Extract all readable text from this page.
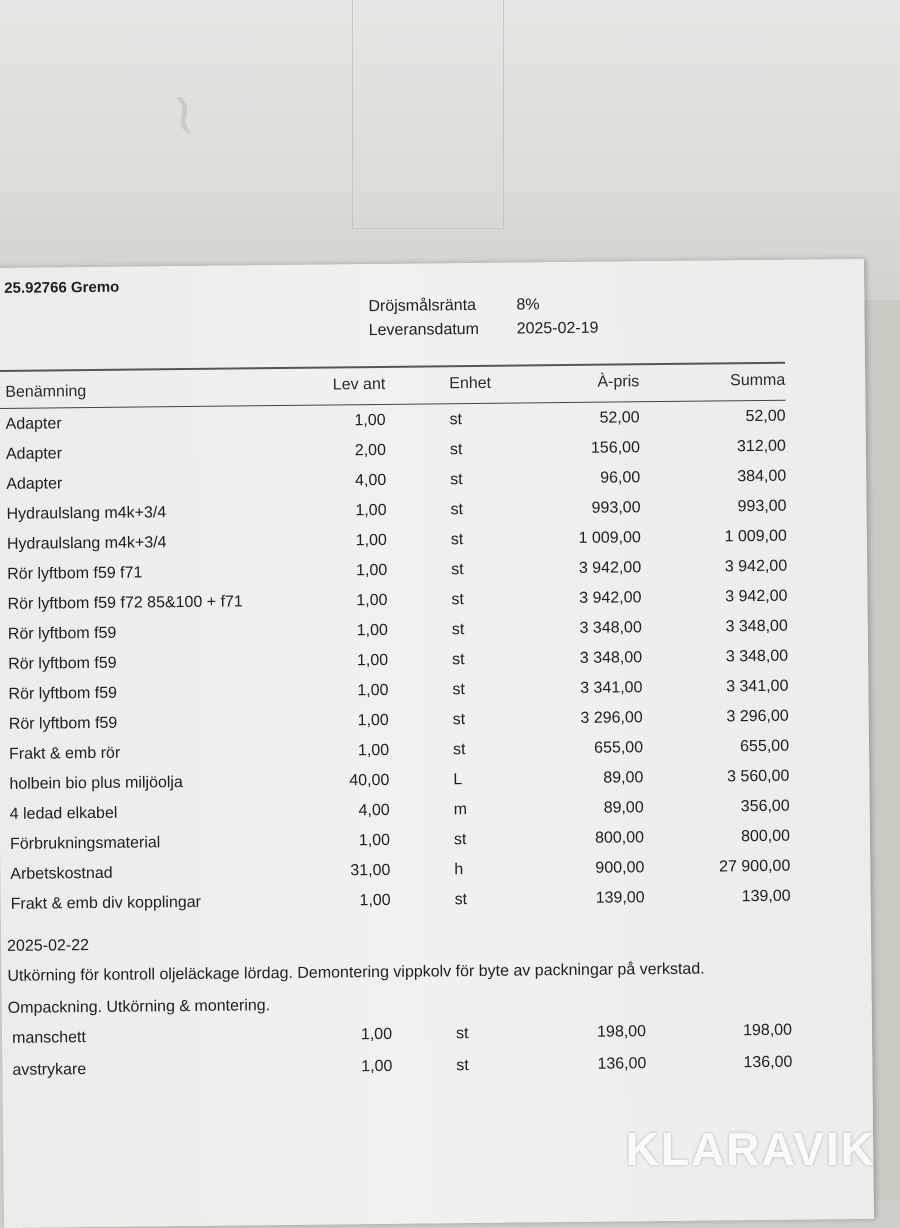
~
25.92766 Gremo
Dröjsmålsränta	8%
Leveransdatum 2025-02-19
Benämning	Lev ant	Enhet	À-pris	Summa
Adapter	1,00	st	52,00	52,00
Adapter	2,00	st	156,00	312,00
Adapter	4,00	st	96,00	384,00
Hydraulslang m4k+3/4	1,00	st	993,00	993,00
Hydraulslang m4k+3/4	1,00	st	1 009,00	1 009,00
Rör lyftbom f59 f71	1,00	st	3 942,00	3 942,00
Rör lyftbom f59 f72 85&100 + f71	1,00	st	3 942,00	3 942,00
Rör lyftbom f59	1,00	st	3 348,00	3 348,00
Rör lyftbom f59	1,00	st	3 348,00	3 348,00
Rör lyftbom f59	1,00	st	3 341,00	3 341,00
Rör lyftbom f59	1,00	st	3 296,00	3 296,00
Frakt & emb rör	1,00	st	655,00	655,00
holbein bio plus miljöolja	40,00	L	89,00	3 560,00
4 ledad elkabel	4,00	m	89,00	356,00
Förbrukningsmaterial	1,00	st	800,00	800,00
Arbetskostnad	31,00	h	900,00	27 900,00
Frakt & emb div kopplingar	1,00	st	139,00	139,00
2025-02-22
Utkörning för kontroll oljeläckage lördag. Demontering vippkolv för byte av packningar på verkstad.
Ompackning. Utkörning & montering.
manschett	1,00	st	198,00	198,00
avstrykare	1,00	st	136,00	136,00
KLARAVIK
